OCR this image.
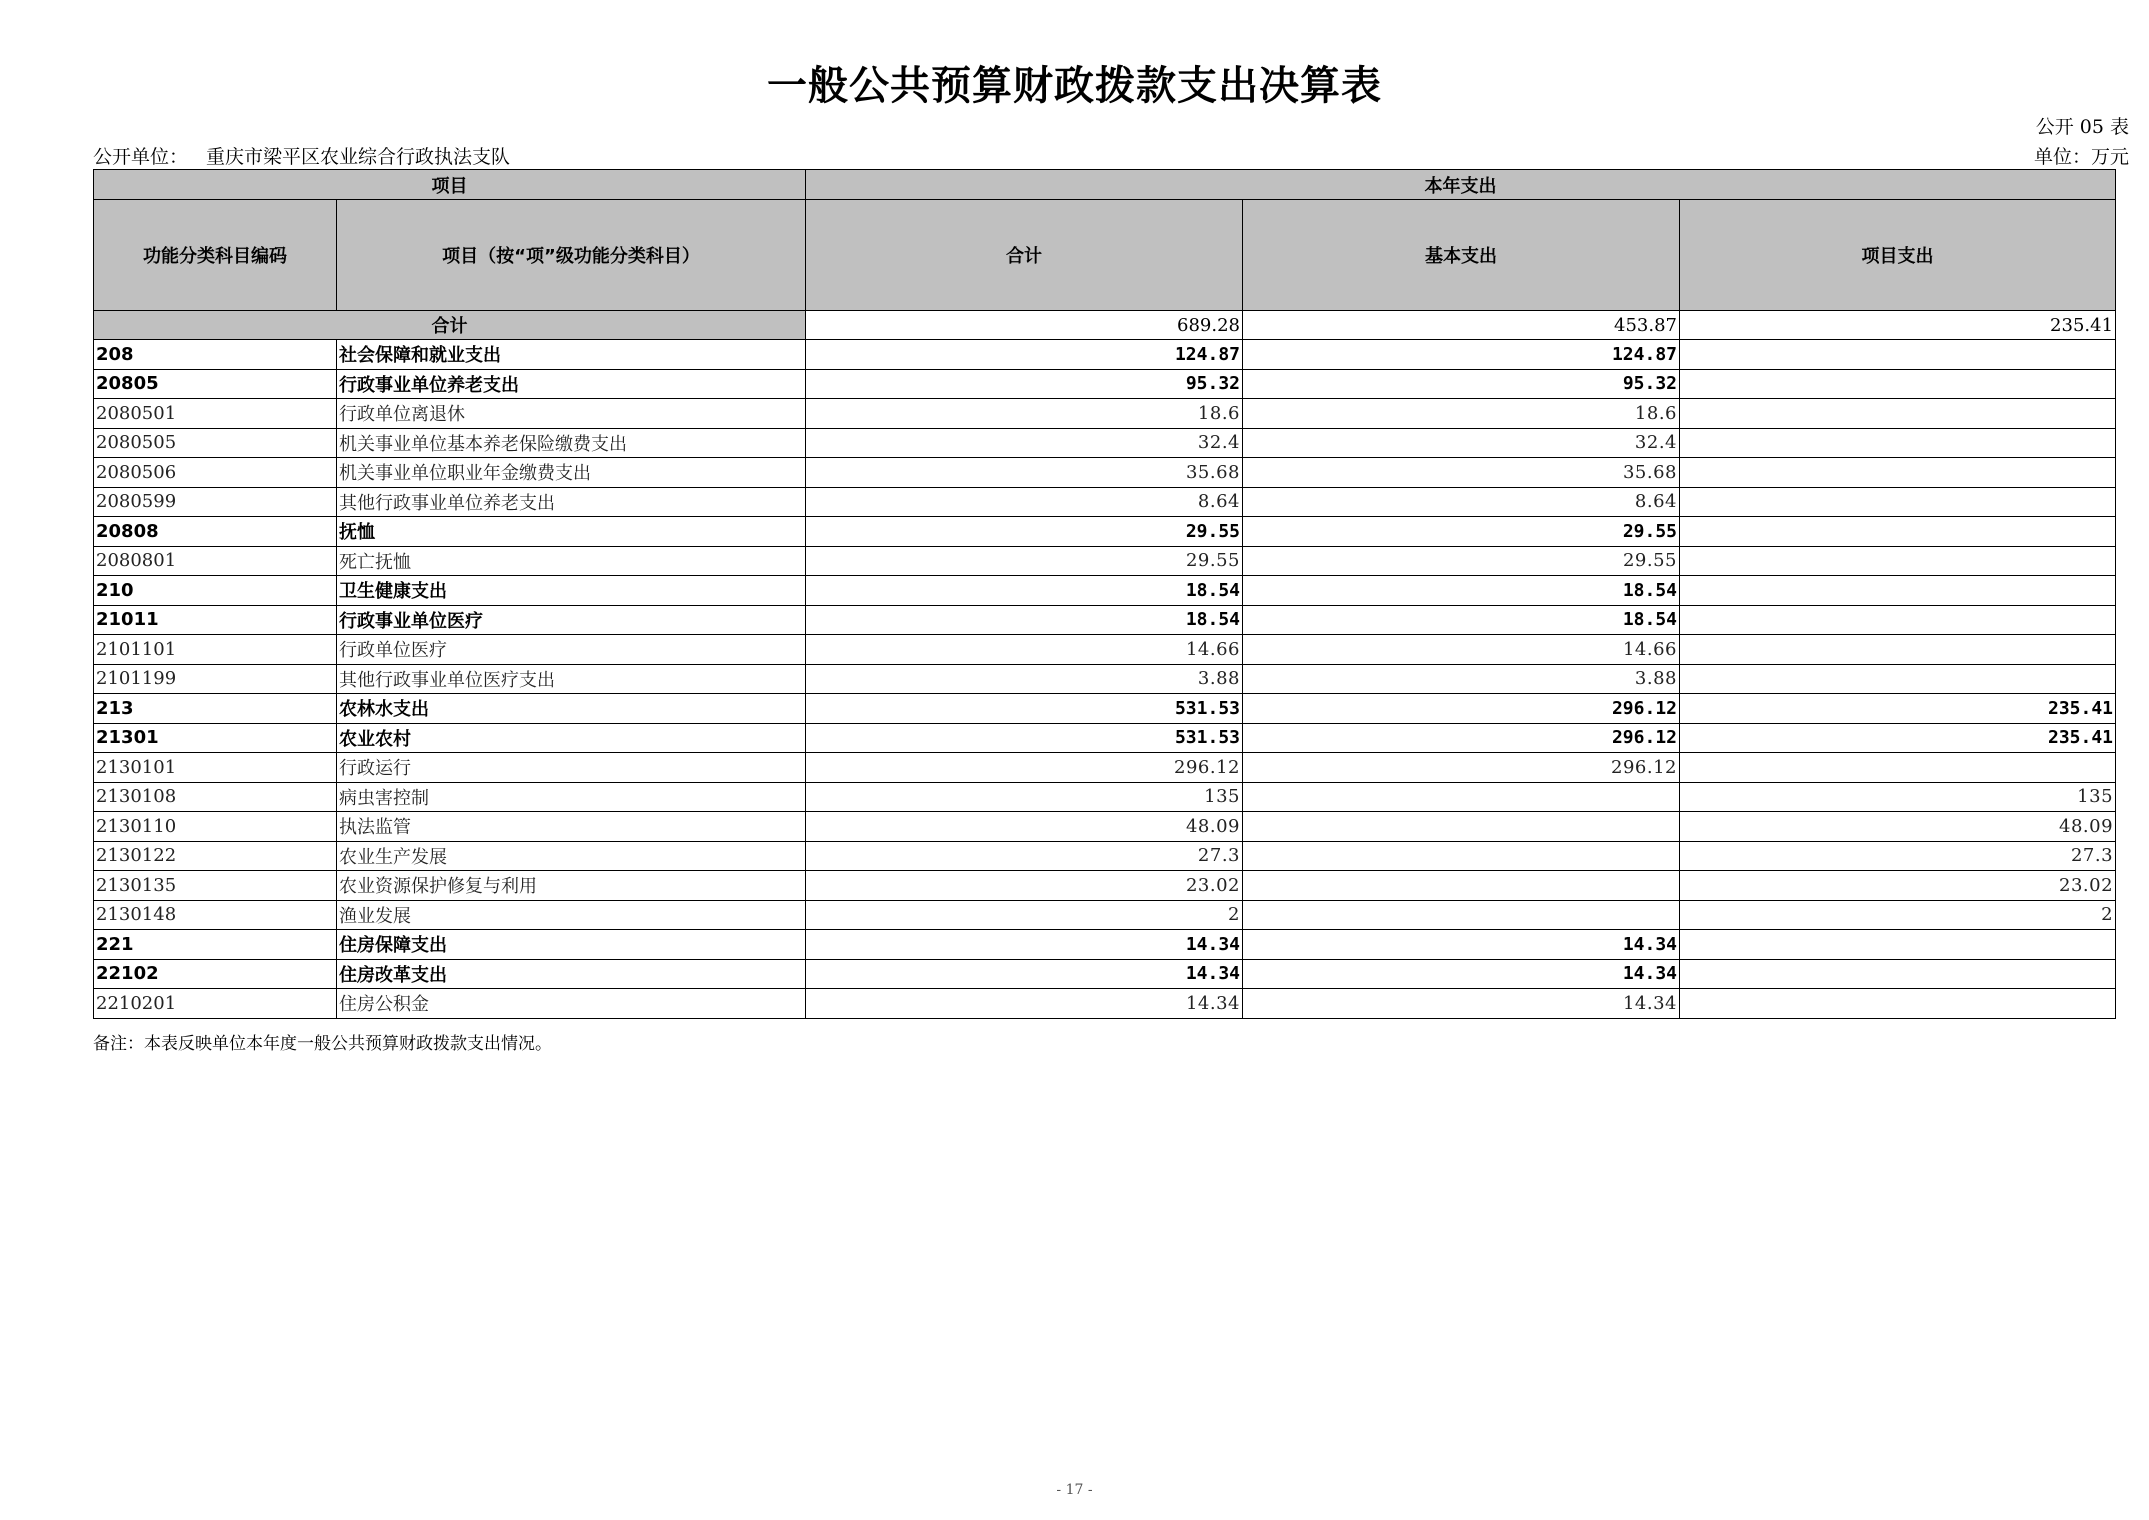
一般公共预算财政拨款支出决算表
公开 05 表
公开单位： 重庆市梁平区农业综合行政执法支队	单位：万元
项目		本年支出		
功能分类科目编码	项目（按“项”级功能分类科目）	合计	基本支出	项目支出
合计		689.28	453.87	235.41
208	社会保障和就业支出	124.87	124.87	
20805	行政事业单位养老支出	95.32	95.32	
2080501	行政单位离退休	18.6	18.6	
2080505	机关事业单位基本养老保险缴费支出	32.4	32.4	
2080506	机关事业单位职业年金缴费支出	35.68	35.68	
2080599	其他行政事业单位养老支出	8.64	8.64	
20808	抚恤	29.55	29.55	
2080801	死亡抚恤	29.55	29.55	
210	卫生健康支出	18.54	18.54	
21011	行政事业单位医疗	18.54	18.54	
2101101	行政单位医疗	14.66	14.66	
2101199	其他行政事业单位医疗支出	3.88	3.88	
213	农林水支出	531.53	296.12	235.41
21301	农业农村	531.53	296.12	235.41
2130101	行政运行	296.12	296.12	
2130108	病虫害控制	135		135
2130110	执法监管	48.09		48.09
2130122	农业生产发展	27.3		27.3
2130135	农业资源保护修复与利用	23.02		23.02
2130148	渔业发展	2		2
221	住房保障支出	14.34	14.34	
22102	住房改革支出	14.34	14.34	
2210201	住房公积金	14.34	14.34	
备注：本表反映单位本年度一般公共预算财政拨款支出情况。
- 17 -
